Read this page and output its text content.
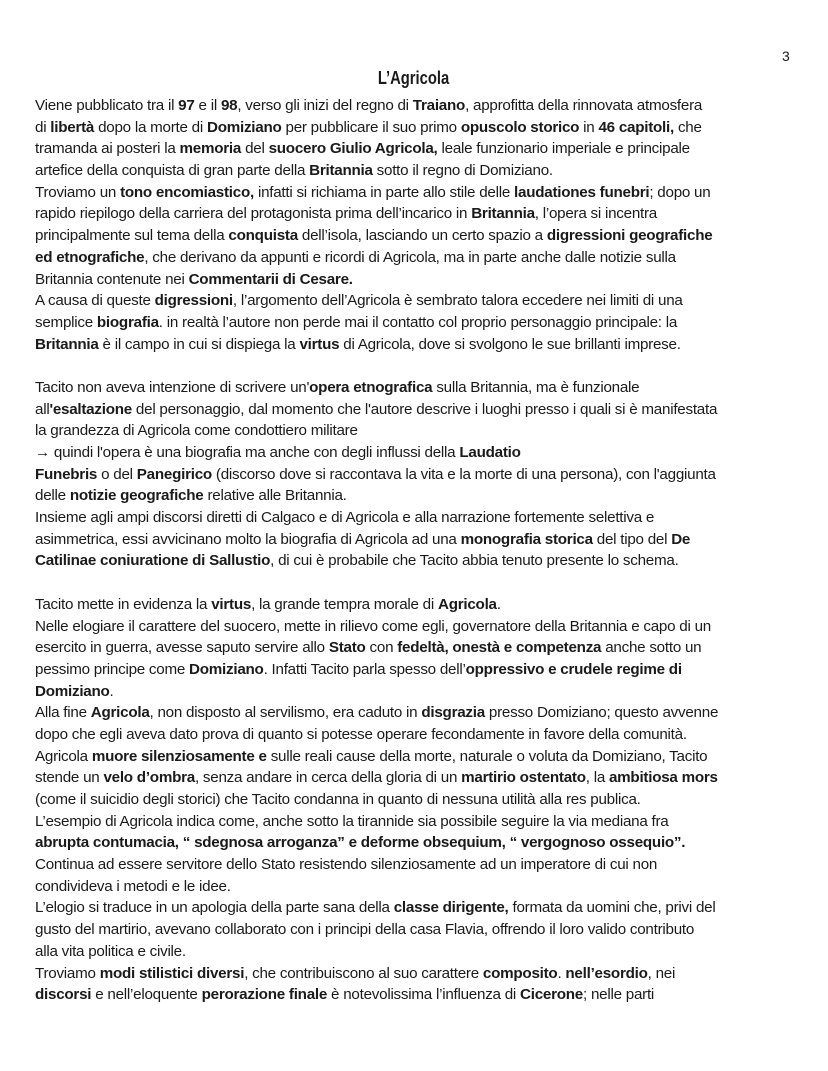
3
L’Agricola
Viene pubblicato tra il 97 e il 98, verso gli inizi del regno di Traiano, approfitta della rinnovata atmosfera
di libertà dopo la morte di Domiziano per pubblicare il suo primo opuscolo storico in 46 capitoli, che
tramanda ai posteri la memoria del suocero Giulio Agricola, leale funzionario imperiale e principale
artefice della conquista di gran parte della Britannia sotto il regno di Domiziano.
Troviamo un tono encomiastico, infatti si richiama in parte allo stile delle laudationes funebri; dopo un
rapido riepilogo della carriera del protagonista prima dell’incarico in Britannia, l’opera si incentra
principalmente sul tema della conquista dell’isola, lasciando un certo spazio a digressioni geografiche
ed etnografiche, che derivano da appunti e ricordi di Agricola, ma in parte anche dalle notizie sulla
Britannia contenute nei Commentarii di Cesare.
A causa di queste digressioni, l’argomento dell’Agricola è sembrato talora eccedere nei limiti di una
semplice biografia. in realtà l’autore non perde mai il contatto col proprio personaggio principale: la
Britannia è il campo in cui si dispiega la virtus di Agricola, dove si svolgono le sue brillanti imprese.
Tacito non aveva intenzione di scrivere un'opera etnografica sulla Britannia, ma è funzionale
all'esaltazione del personaggio, dal momento che l'autore descrive i luoghi presso i quali si è manifestata
la grandezza di Agricola come condottiero militare
→ quindi l'opera è una biografia ma anche con degli influssi della Laudatio
Funebris o del Panegirico (discorso dove si raccontava la vita e la morte di una persona), con l'aggiunta
delle notizie geografiche relative alle Britannia.
Insieme agli ampi discorsi diretti di Calgaco e di Agricola e alla narrazione fortemente selettiva e
asimmetrica, essi avvicinano molto la biografia di Agricola ad una monografia storica del tipo del De
Catilinae coniuratione di Sallustio, di cui è probabile che Tacito abbia tenuto presente lo schema.
Tacito mette in evidenza la virtus, la grande tempra morale di Agricola.
Nelle elogiare il carattere del suocero, mette in rilievo come egli, governatore della Britannia e capo di un
esercito in guerra, avesse saputo servire allo Stato con fedeltà, onestà e competenza anche sotto un
pessimo principe come Domiziano. Infatti Tacito parla spesso dell’oppressivo e crudele regime di
Domiziano.
Alla fine Agricola, non disposto al servilismo, era caduto in disgrazia presso Domiziano; questo avvenne
dopo che egli aveva dato prova di quanto si potesse operare fecondamente in favore della comunità.
Agricola muore silenziosamente e sulle reali cause della morte, naturale o voluta da Domiziano, Tacito
stende un velo d’ombra, senza andare in cerca della gloria di un martirio ostentato, la ambitiosa mors
(come il suicidio degli storici) che Tacito condanna in quanto di nessuna utilità alla res publica.
L’esempio di Agricola indica come, anche sotto la tirannide sia possibile seguire la via mediana fra
abrupta contumacia, “ sdegnosa arroganza” e deforme obsequium, “ vergognoso ossequio”.
Continua ad essere servitore dello Stato resistendo silenziosamente ad un imperatore di cui non
condivideva i metodi e le idee.
L’elogio si traduce in un apologia della parte sana della classe dirigente, formata da uomini che, privi del
gusto del martirio, avevano collaborato con i principi della casa Flavia, offrendo il loro valido contributo
alla vita politica e civile.
Troviamo modi stilistici diversi, che contribuiscono al suo carattere composito. nell’esordio, nei
discorsi e nell’eloquente perorazione finale è notevolissima l’influenza di Cicerone; nelle parti
